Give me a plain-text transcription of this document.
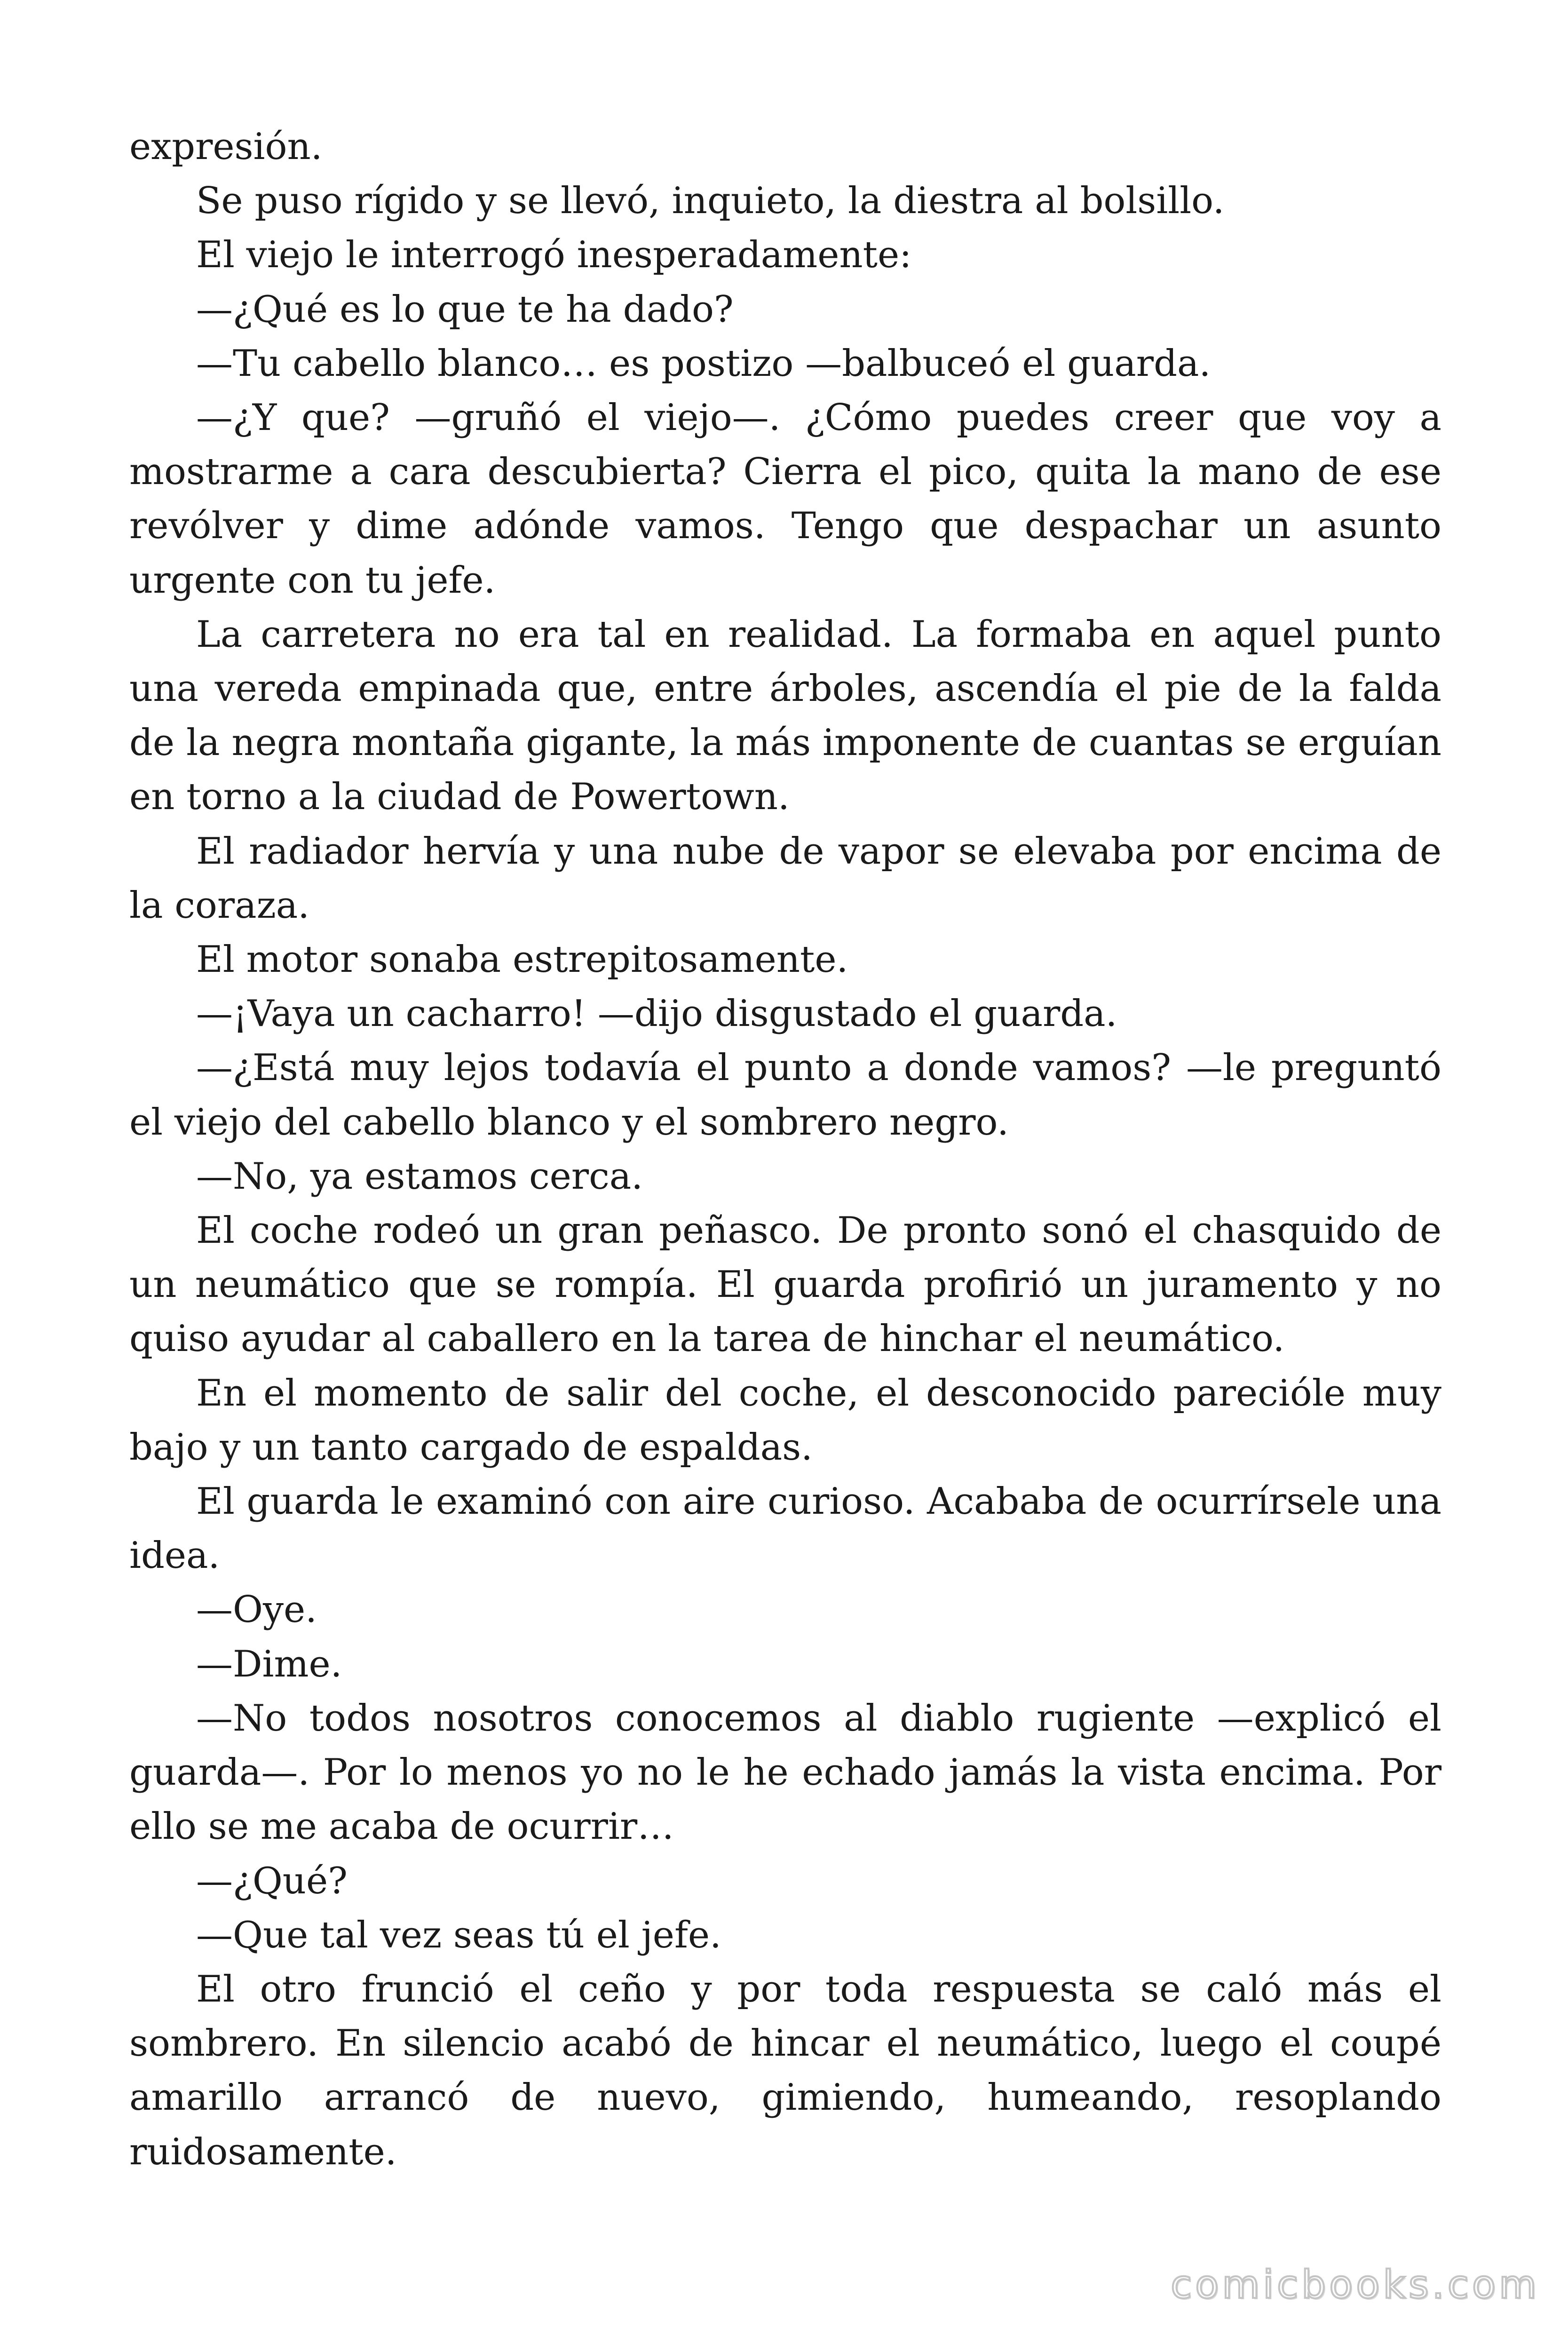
expresión.

Se puso rígido y se llevó, inquieto, la diestra al bolsillo.

El viejo le interrogó inesperadamente:

—¿Qué es lo que te ha dado?

—Tu cabello blanco… es postizo —balbuceó el guarda.

—¿Y que? —gruñó el viejo—. ¿Cómo puedes creer que voy a mostrarme a cara descubierta? Cierra el pico, quita la mano de ese revólver y dime adónde vamos. Tengo que despachar un asunto urgente con tu jefe.

La carretera no era tal en realidad. La formaba en aquel punto una vereda empinada que, entre árboles, ascendía el pie de la falda de la negra montaña gigante, la más imponente de cuantas se erguían en torno a la ciudad de Powertown.

El radiador hervía y una nube de vapor se elevaba por encima de la coraza.

El motor sonaba estrepitosamente.

—¡Vaya un cacharro! —dijo disgustado el guarda.

—¿Está muy lejos todavía el punto a donde vamos? —le preguntó el viejo del cabello blanco y el sombrero negro.

—No, ya estamos cerca.

El coche rodeó un gran peñasco. De pronto sonó el chasquido de un neumático que se rompía. El guarda profirió un juramento y no quiso ayudar al caballero en la tarea de hinchar el neumático.

En el momento de salir del coche, el desconocido parecióle muy bajo y un tanto cargado de espaldas.

El guarda le examinó con aire curioso. Acababa de ocurrírsele una idea.

—Oye.

—Dime.

—No todos nosotros conocemos al diablo rugiente —explicó el guarda—. Por lo menos yo no le he echado jamás la vista encima. Por ello se me acaba de ocurrir…

—¿Qué?

—Que tal vez seas tú el jefe.

El otro frunció el ceño y por toda respuesta se caló más el sombrero. En silencio acabó de hincar el neumático, luego el coupé amarillo arrancó de nuevo, gimiendo, humeando, resoplando ruidosamente.

comicbooks.com
